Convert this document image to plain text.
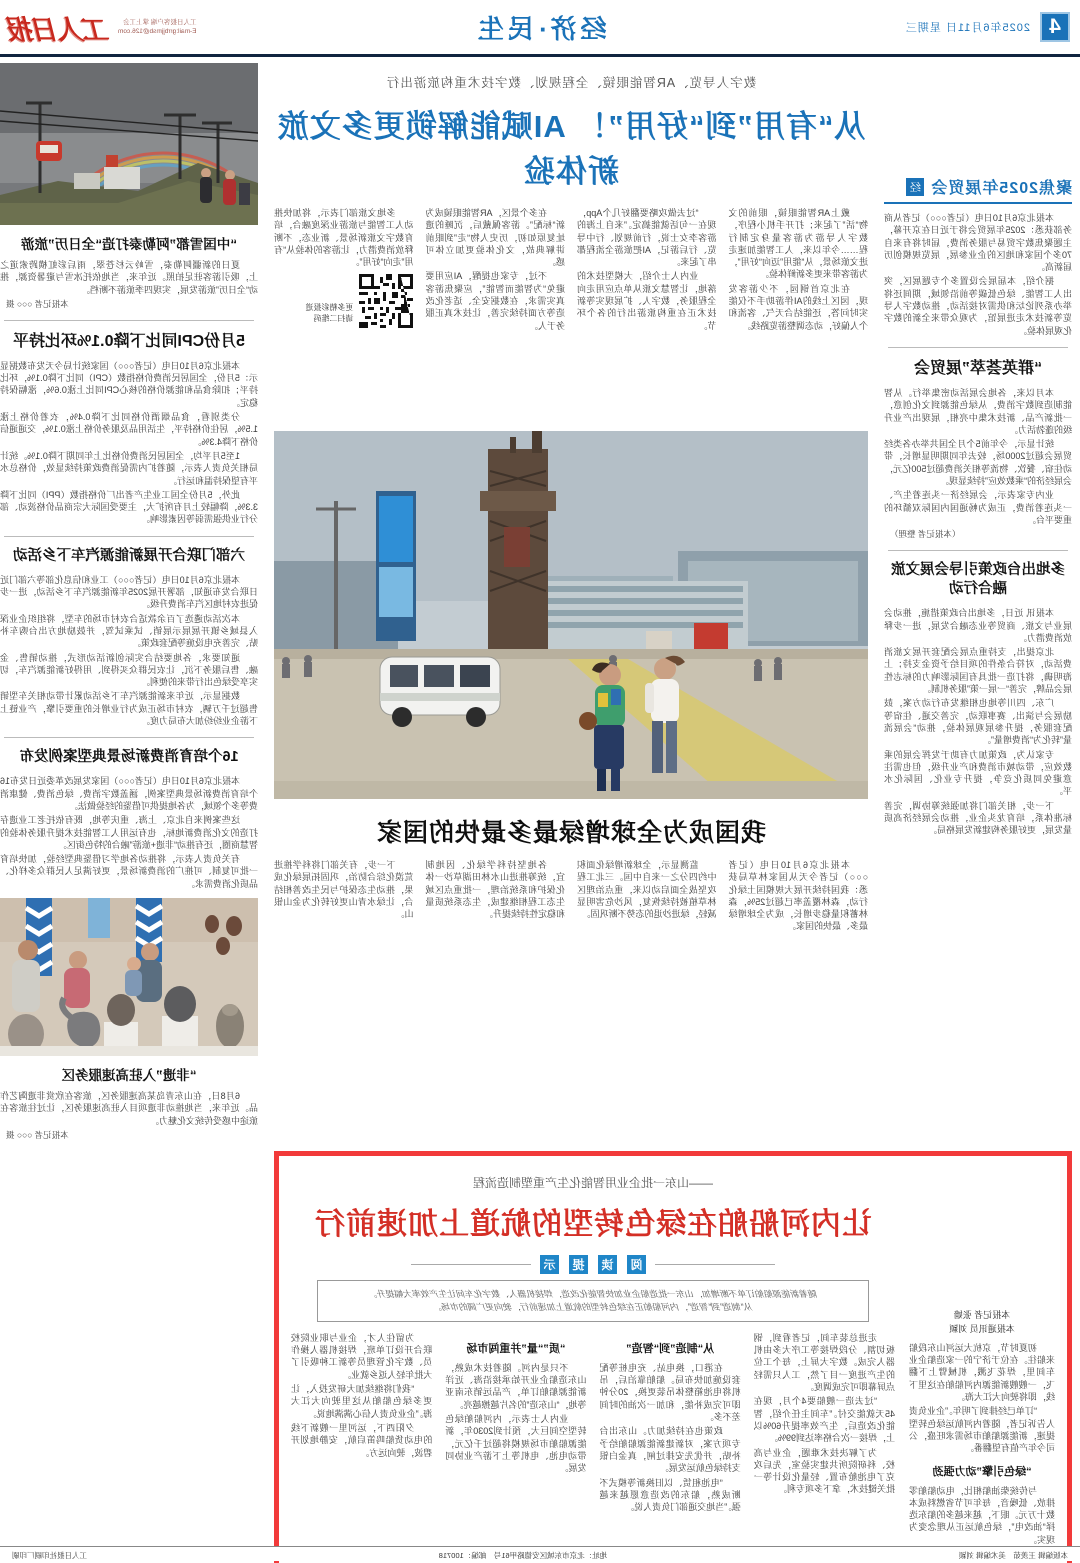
4
2025年6月11日 星期三
经济·民生
工人日报客户端 掌上工会
E-mail:grrbjjmsb@126.com
工人日报
聚焦2025年展贸会
经

本报北京6月10日电（记者○○○）记者从商务部获悉：2025年展贸会将于近日在京开幕，主题聚焦数字贸易与服务消费，届时将有来自70多个国家和地区的企业参展，展览规模创历届新高。

据介绍，本届展会设置多个专题展区，突出人工智能、绿色低碳等前沿领域，期间还将举办系列论坛和供需对接活动，推动数字人导览等新技术走进展馆，为观众带来全新的数字化观展体验。

“群英荟萃”展贸会

本月以来，各地会展活动密集举行。从智能制造到数字消费，从绿色能源到文化创意，一批新产品、新技术集中亮相，展现出产业升级的蓬勃活力。

统计显示，今年前5个月全国共举办各类经贸展会超过2000场，较去年同期明显增长，带动住宿、餐饮、物流等相关消费超过500亿元，会展经济的“乘数效应”持续显现。

业内专家表示，会展经济一头连着生产、一头连着消费，正成为畅通国内国际双循环的重要平台。

（本报记者 整理）
多地出台政策引导会展文旅融合行动

本报讯 近日，多地出台政策措施，推动会展业与文旅、商贸等业态融合发展，进一步释放消费潜力。

北京提出，支持重点展会配套开展文旅消费活动，对符合条件的项目给予资金支持；上海明确，将打造一批具有国际影响力的标志性展会品牌，完善“一展一策”服务机制。

广东、四川等地也相继发布行动方案，鼓励展会与演出、赛事联动，完善交通、住宿等配套服务，提升参展观展体验，推动“会展流量”转化为“消费增量”。

专家认为，政策加力有助于发挥会展的乘数效应，带动城市消费和产业升级，但也需注意避免同质化竞争，提升专业化、国际化水平。

下一步，相关部门将加强统筹协调，完善标准体系，培育龙头企业，推动会展经济高质量发展，更好服务构建新发展格局。

数字人导览、AR智能眼镜、全程规划、数字技术重构旅游出行
从“有用”到“好用”！ AI赋能解锁更多文旅新体验

戴上AR智能眼镜，眼前的文物“活”了起来；打开手机小程序，数字人导游为游客量身定制行程……今年以来，人工智能加速走进文旅场景，从“能用”迈向“好用”，为游客带来更多新鲜体验。

在北京首钢园，不少游客发现，园区上线的AI伴游助手不仅能实时问答，还能结合天气、客流和个人偏好，动态调整游览路线。

“过去做攻略要翻好几个App，现在一句话就能搞定。”来自上海的游客李女士说，行前规划、行中导览、行后游记，AI把旅游全流程都串了起来。

业内人士介绍，大模型技术的落地，让智慧文旅从单点应用走向全程服务，数字人、扩展现实等新技术正在重构旅游出行的各个环节。

在多个景区，AR智能眼镜成为新“标配”。游客佩戴后，沉睡的遗址复原如初，历史人物“走”到眼前讲解典故，文化体验更加立体可感。

不过，专家也提醒，AI应用要避免“为智能而智能”，应聚焦游客真实需求，在数据安全、适老化改造等方面持续完善，让技术真正服务于人。

多地文旅部门表示，将加快推动人工智能与旅游业深度融合，培育数字文旅新场景、新业态，不断释放消费潜力，让游客的体验从“有用”走向“好用”。

更多精彩报道
请扫二维码
我国成为全球增绿最多最快的国家

本报北京6月10日电（记者○○○）记者今天从国家林草局获悉：我国持续开展大规模国土绿化行动，森林覆盖率已超过25%，森林蓄积量稳步增长，成为全球增绿最多、最快的国家。

监测显示，全球新增绿化面积中约四分之一来自中国。三北工程攻坚战全面启动以来，重点治理区林草植被持续恢复，风沙危害明显减轻，绿进沙退的态势不断巩固。

各地坚持科学绿化、因地制宜，统筹推进山水林田湖草沙一体化保护和系统治理，一批重点区域生态工程相继建成，生态系统质量和稳定性持续提升。

下一步，有关部门将科学推进荒漠化综合防治，巩固拓展绿化成果，推动生态保护与民生改善相结合，让绿水青山更好转化为金山银山。

“中国雪都”阿勒泰打造“全日历”旅游

夏日的新疆阿勒泰，雪岭云杉苍翠，雨后彩虹横跨索道之上，吸引游客驻足拍照。近年来，当地依托冰雪与避暑资源，推动“全日历”旅游发展，实现四季旅游不断档。

本报记者 ○○○ 摄
5月份CPI同比下降0.1%环比持平

本报北京6月10日电（记者○○○）国家统计局今天发布数据显示：5月份，全国居民消费价格指数（CPI）同比下降0.1%，环比持平；扣除食品和能源价格的核心CPI同比上涨0.6%，涨幅保持稳定。

分类别看，食品烟酒价格同比下降0.4%，衣着价格上涨1.5%，居住价格持平，生活用品及服务价格上涨0.1%，交通通信价格下降4.3%。

1至5月平均，全国居民消费价格比上年同期下降0.1%。统计局相关负责人表示，随着扩内需促消费政策持续显效，价格总水平有望保持温和运行。

此外，5月份全国工业生产者出厂价格指数（PPI）同比下降3.3%，降幅较上月有所扩大，主要受国际大宗商品价格波动、部分行业供强需弱等因素影响。

六部门联合开展新能源汽车下乡活动

本报北京6月10日电（记者○○○）工业和信息化部等六部门近日联合发布通知，部署开展2025年新能源汽车下乡活动，进一步促进农村地区汽车消费升级。

本次活动遴选了百余款适合农村市场的车型，将组织企业深入县域乡镇开展展示展销、试乘试驾，并鼓励地方出台购车补贴、完善充电设施等配套政策。

通知要求，各地要结合实际创新活动形式，推动销售、金融、售后服务下沉，让农民群众买得到、用得好新能源汽车，切实享受绿色出行带来的便利。

数据显示，近年来新能源汽车下乡活动累计带动相关车型销售超过千万辆，农村市场正成为行业增长的重要引擎，产业链上下游企业纷纷加大布局力度。

16个培育消费新场景典型案例发布

本报北京6月10日电（记者○○○）国家发展改革委近日发布16个培育消费新场景典型案例，涵盖数字消费、绿色消费、健康消费等多个领域，为各地提供可借鉴的经验做法。

这些案例来自北京、上海、重庆等地，既有依托老工业遗存打造的文化消费新地标，也有运用人工智能技术提升服务体验的智慧商圈，还有推动“非遗+旅游”融合的特色街区。

有关负责人表示，将推动各地学习借鉴典型经验，加快培育一批可复制、可推广的消费新场景，更好满足人民群众多样化、品质化消费需求。

“非遗”入驻高速服务区

6月8日，在山东青岛某高速服务区，旅客在欣赏非遗陶艺作品。近年来，当地推动非遗项目入驻高速服务区，让过往旅客在旅途中感受传统文化魅力。

本报记者 ○○○ 摄
本报记者 张嫱
本报通讯员 刘颖

初夏时节，京杭大运河山东段船来船往。在位于济宁的一家造船企业车间里，焊花飞溅，机械臂上下翻飞，一艘艘新能源内河船舶在这里下线，即将驶向大江大海。

“订单已经排到了明年。”企业负责人告诉记者，随着内河航运绿色转型提速，新能源船舶市场需求旺盛，公司今年产值有望翻番。

“绿色引擎”动力强劲

与传统柴油船相比，电动船舶零排放、低噪音，每年可节省燃料成本数十万元。眼下，越来越多的船东选择“油改电”，绿色航运正从理念变为现实。

——山东一批企业用智能化生产重塑制造流程
让内河船舶在绿色转型的航道上加速前行
阅
读
提
示

随着新能源船舶订单不断增加，山东一批造船企业加快智能化改造，焊接机器人、数字化车间让生产效率大幅提升。

从“制造”到“智造”，内河船舶正在绿色转型的航道上加速前行，驶向更广阔的市场。

走进总装车间，记者看到，钢板切割、分段焊接等工序大多由机器人完成。数字大屏上，每个工位的生产进度一目了然，工人只需轻点屏幕即可完成调度。

“过去造一艘船要4个月，现在45天就能交付。”车间主任介绍，智能化改造后，生产效率提升60%以上，焊接一次合格率达到99%。

为了解决技术难题，企业与高校、科研院所共建实验室，先后攻克了电池舱布置、轻量化设计等一批关键技术，拿下多项专利。

从“制造”到“智造”

在港口，换电站、充电桩等配套设施加快布局。船舶靠泊后，吊机将电池箱整体吊装更换，20分钟即可完成补能，和加一次油的时间差不多。

政策也在持续加力。山东出台专项方案，对新建新能源船舶给予补贴，并优先安排过闸，真金白银支持绿色航运发展。

“电池租赁、以旧换新等模式不断成熟，船东的改造意愿越来越强。”当地交通部门负责人说。

“质”“量”并重闯市场

不只是内河。随着技术成熟，山东造船企业开始承接沿海、近洋新能源船舶订单，产品远销东南亚等地，“山东造”的名片越擦越亮。

业内人士表示，内河船舶绿色转型空间巨大，预计到2030年，新能源船舶市场规模将超过千亿元，带动电池、电机等上下游产业协同发展。

为留住人才，企业与职业院校联合开设订单班，焊接机器人操作员、数字化管理员等新工种吸引了大批年轻人返乡就业。

“我们将继续加大研发投入，让更多绿色船舶从这里驶向大江大海。”企业负责人信心满满地说。

夕阳西下，运河里一艘新下线的电动货船鸣笛启航，安静地划开碧波，驶向远方。

本版编辑 王羡茹　美术编辑 刘颖
地址：北京市东城区安德路甲61号　邮编：100718
工人日报社印刷厂印刷
